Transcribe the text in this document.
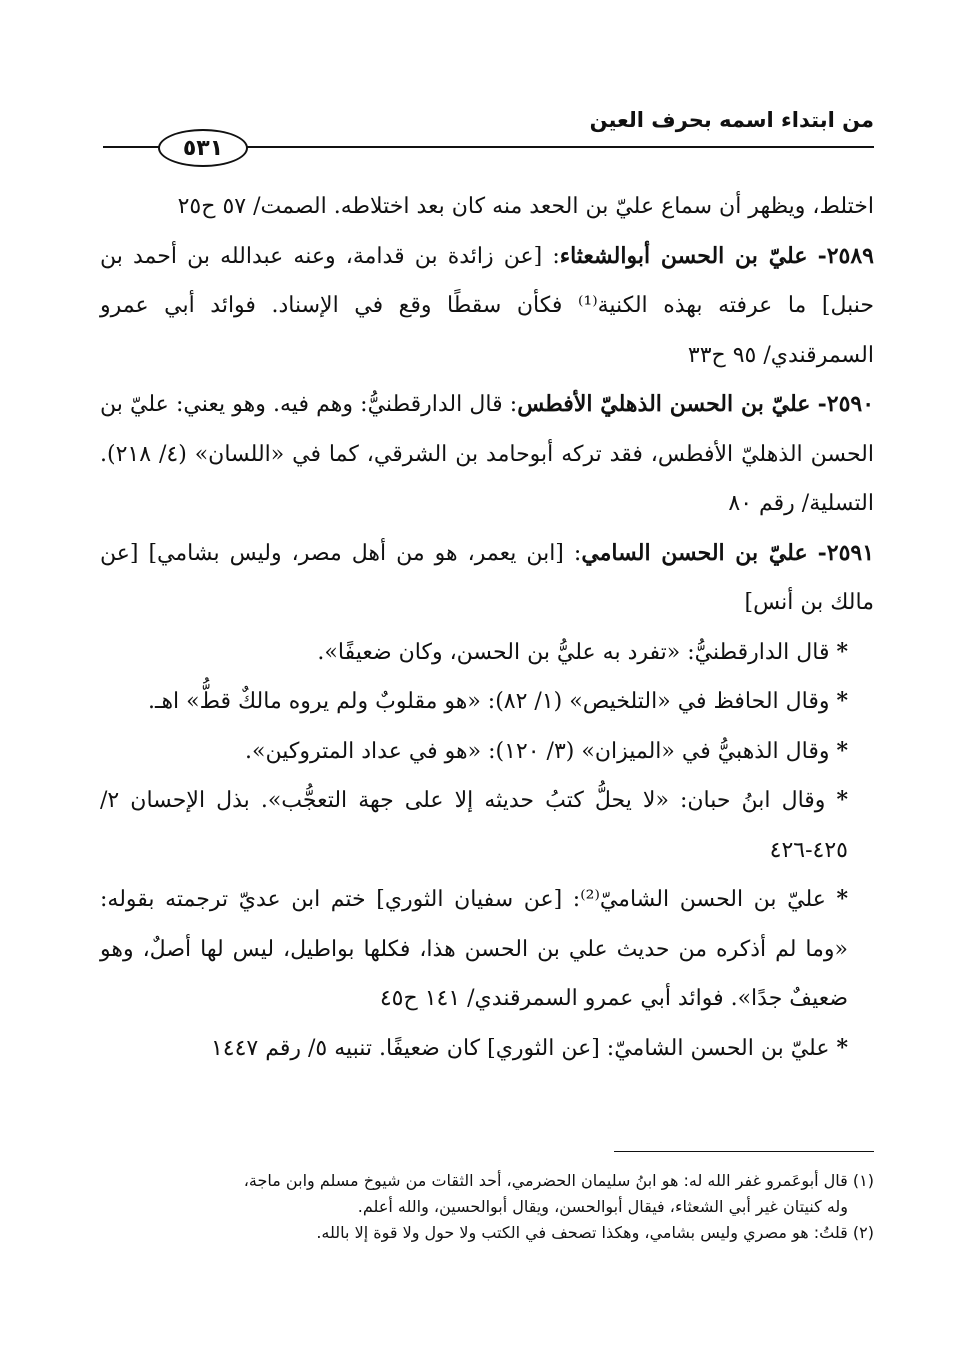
من ابتداء اسمه بحرف العين
٥٣١

اختلط، ويظهر أن سماع عليّ بن الحعد منه كان بعد اختلاطه. الصمت/ ٥٧ ح٢٥

٢٥٨٩- عليّ بن الحسن أبوالشعثاء: [عن زائدة بن قدامة، وعنه عبدالله بن أحمد بن حنبل] ما عرفته بهذه الكنية⁽¹⁾ فكأن سقطًا وقع في الإسناد. فوائد أبي عمرو السمرقندي/ ٩٥ ح٣٣

٢٥٩٠- عليّ بن الحسن الذهليّ الأفطس: قال الدارقطنيُّ: وهم فيه. وهو يعني: عليّ بن الحسن الذهليّ الأفطس، فقد تركه أبوحامد بن الشرقي، كما في «اللسان» (٤/ ٢١٨). التسلية/ رقم ٨٠

٢٥٩١- عليّ بن الحسن السامي: [ابن يعمر، هو من أهل مصر، وليس بشامي] [عن مالك بن أنس]

* قال الدارقطنيُّ: «تفرد به عليُّ بن الحسن، وكان ضعيفًا».

* وقال الحافظ في «التلخيص» (١/ ٨٢): «هو مقلوبٌ ولم يروه مالكٌ قطُّ» اهـ.

* وقال الذهبيُّ في «الميزان» (٣/ ١٢٠): «هو في عداد المتروكين».

* وقال ابنُ حبان: «لا يحلُّ كتبُ حديثه إلا على جهة التعجُّب». بذل الإحسان ٢/ ٤٢٥-٤٢٦

* عليّ بن الحسن الشاميّ⁽²⁾: [عن سفيان الثوري] ختم ابن عديّ ترجمته بقوله: «وما لم أذكره من حديث علي بن الحسن هذا، فكلها بواطيل، ليس لها أصلٌ، وهو ضعيفٌ جدًا». فوائد أبي عمرو السمرقندي/ ١٤١ ح٤٥

* عليّ بن الحسن الشاميّ: [عن الثوري] كان ضعيفًا. تنبيه ٥/ رقم ١٤٤٧

(١) قال أبوعَمرو غفر الله له: هو ابنُ سليمان الحضرمي، أحد الثقات من شيوخ مسلم وابن ماجة،

وله كنيتان غير أبي الشعثاء، فيقال أبوالحسن، ويقال أبوالحسين، والله أعلم.

(٢) قلتُ: هو مصري وليس بشامي، وهكذا تصحف في الكتب ولا حول ولا قوة إلا بالله.
